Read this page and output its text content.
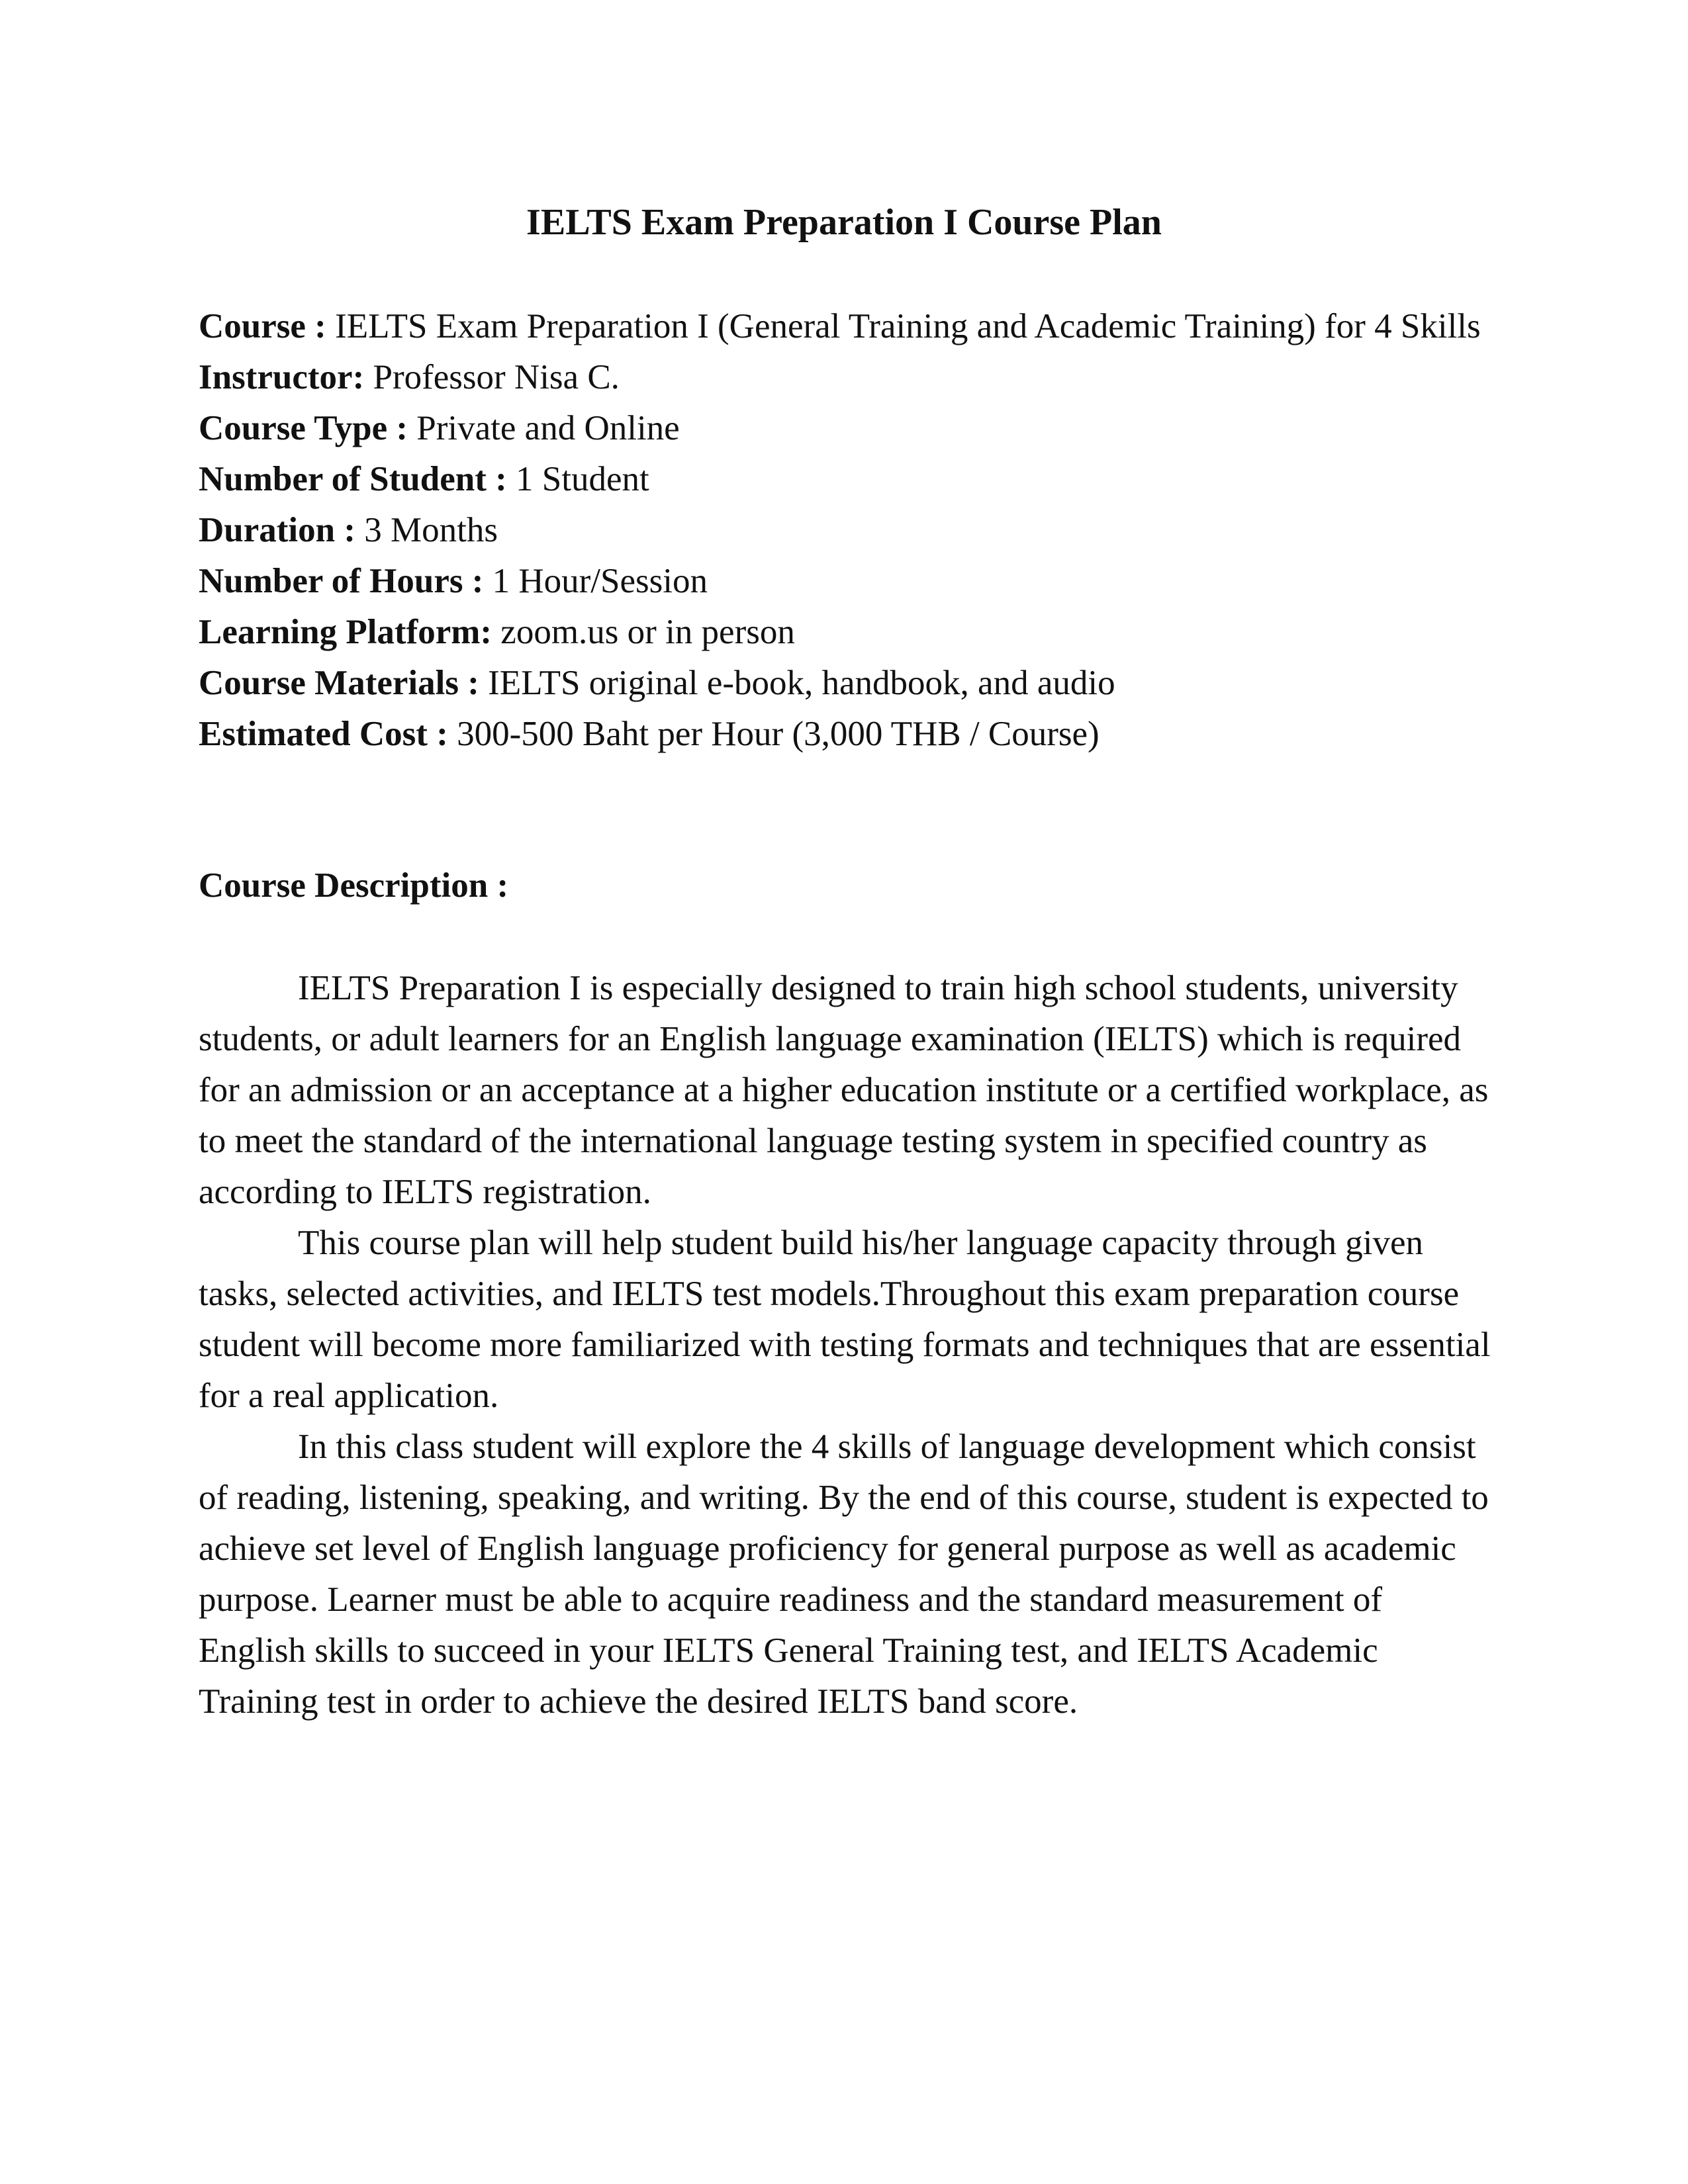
IELTS Exam Preparation I Course Plan
Course : IELTS Exam Preparation I (General Training and Academic Training) for 4 Skills
Instructor: Professor Nisa C.
Course Type : Private and Online
Number of Student : 1 Student
Duration : 3 Months
Number of Hours : 1 Hour/Session
Learning Platform: zoom.us or in person
Course Materials : IELTS original e-book, handbook, and audio
Estimated Cost : 300-500 Baht per Hour (3,000 THB / Course)
Course Description :

IELTS Preparation I is especially designed to train high school students, university students, or adult learners for an English language examination (IELTS) which is required for an admission or an acceptance at a higher education institute or a certified workplace, as to meet the standard of the international language testing system in specified country as according to IELTS registration.

This course plan will help student build his/her language capacity through given tasks, selected activities, and IELTS test models.Throughout this exam preparation course student will become more familiarized with testing formats and techniques that are essential for a real application.

In this class student will explore the 4 skills of language development which consist of reading, listening, speaking, and writing. By the end of this course, student is expected to achieve set level of English language proficiency for general purpose as well as academic purpose. Learner must be able to acquire readiness and the standard measurement of English skills to succeed in your IELTS General Training test, and IELTS Academic Training test in order to achieve the desired IELTS band score.
